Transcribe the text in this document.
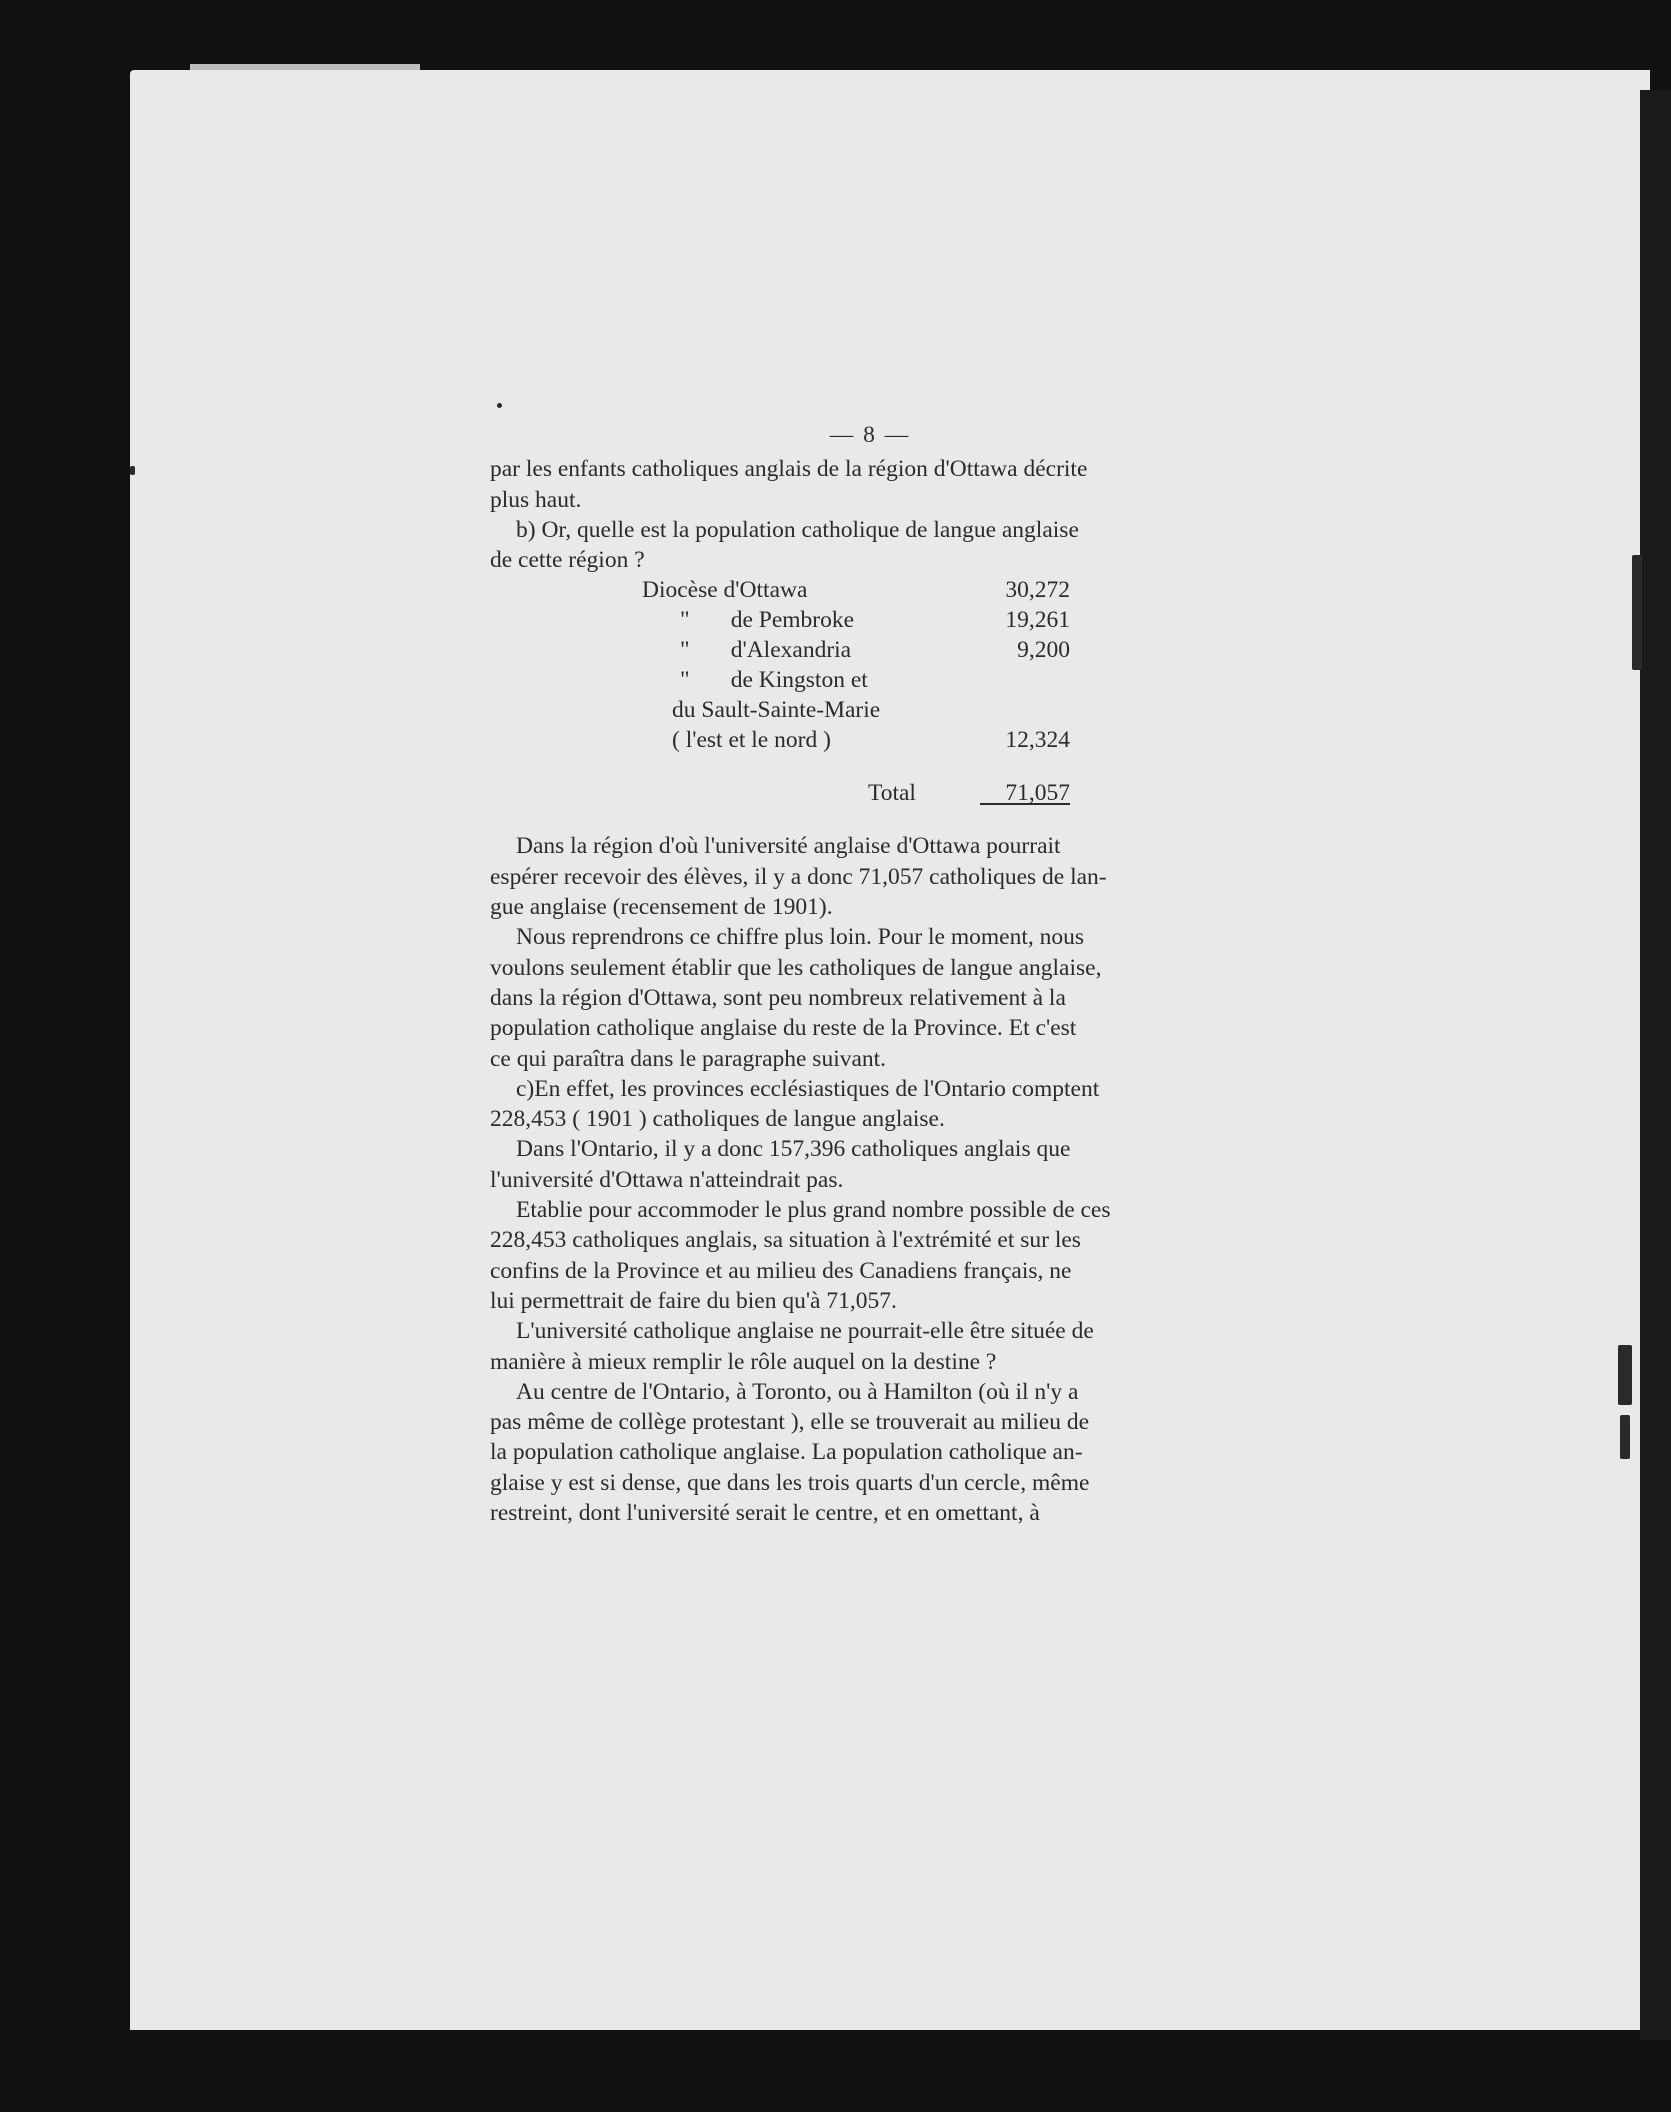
— 8 —

par les enfants catholiques anglais de la région d'Ottawa décrite
plus haut.

b) Or, quelle est la population catholique de langue anglaise
de cette région ?

Diocèse d'Ottawa	30,272
"       de Pembroke	19,261
"       d'Alexandria	9,200
"       de Kingston et
du Sault-Sainte-Marie
( l'est et le nord )	12,324
Total	71,057

Dans la région d'où l'université anglaise d'Ottawa pourrait
espérer recevoir des élèves, il y a donc 71,057 catholiques de lan-
gue anglaise (recensement de 1901).

Nous reprendrons ce chiffre plus loin. Pour le moment, nous
voulons seulement établir que les catholiques de langue anglaise,
dans la région d'Ottawa, sont peu nombreux relativement à la
population catholique anglaise du reste de la Province. Et c'est
ce qui paraîtra dans le paragraphe suivant.

c)En effet, les provinces ecclésiastiques de l'Ontario comptent
228,453 ( 1901 ) catholiques de langue anglaise.

Dans l'Ontario, il y a donc 157,396 catholiques anglais que
l'université d'Ottawa n'atteindrait pas.

Etablie pour accommoder le plus grand nombre possible de ces
228,453 catholiques anglais, sa situation à l'extrémité et sur les
confins de la Province et au milieu des Canadiens français, ne
lui permettrait de faire du bien qu'à 71,057.

L'université catholique anglaise ne pourrait-elle être située de
manière à mieux remplir le rôle auquel on la destine ?

Au centre de l'Ontario, à Toronto, ou à Hamilton (où il n'y a
pas même de collège protestant ), elle se trouverait au milieu de
la population catholique anglaise. La population catholique an-
glaise y est si dense, que dans les trois quarts d'un cercle, même
restreint, dont l'université serait le centre, et en omettant, à
